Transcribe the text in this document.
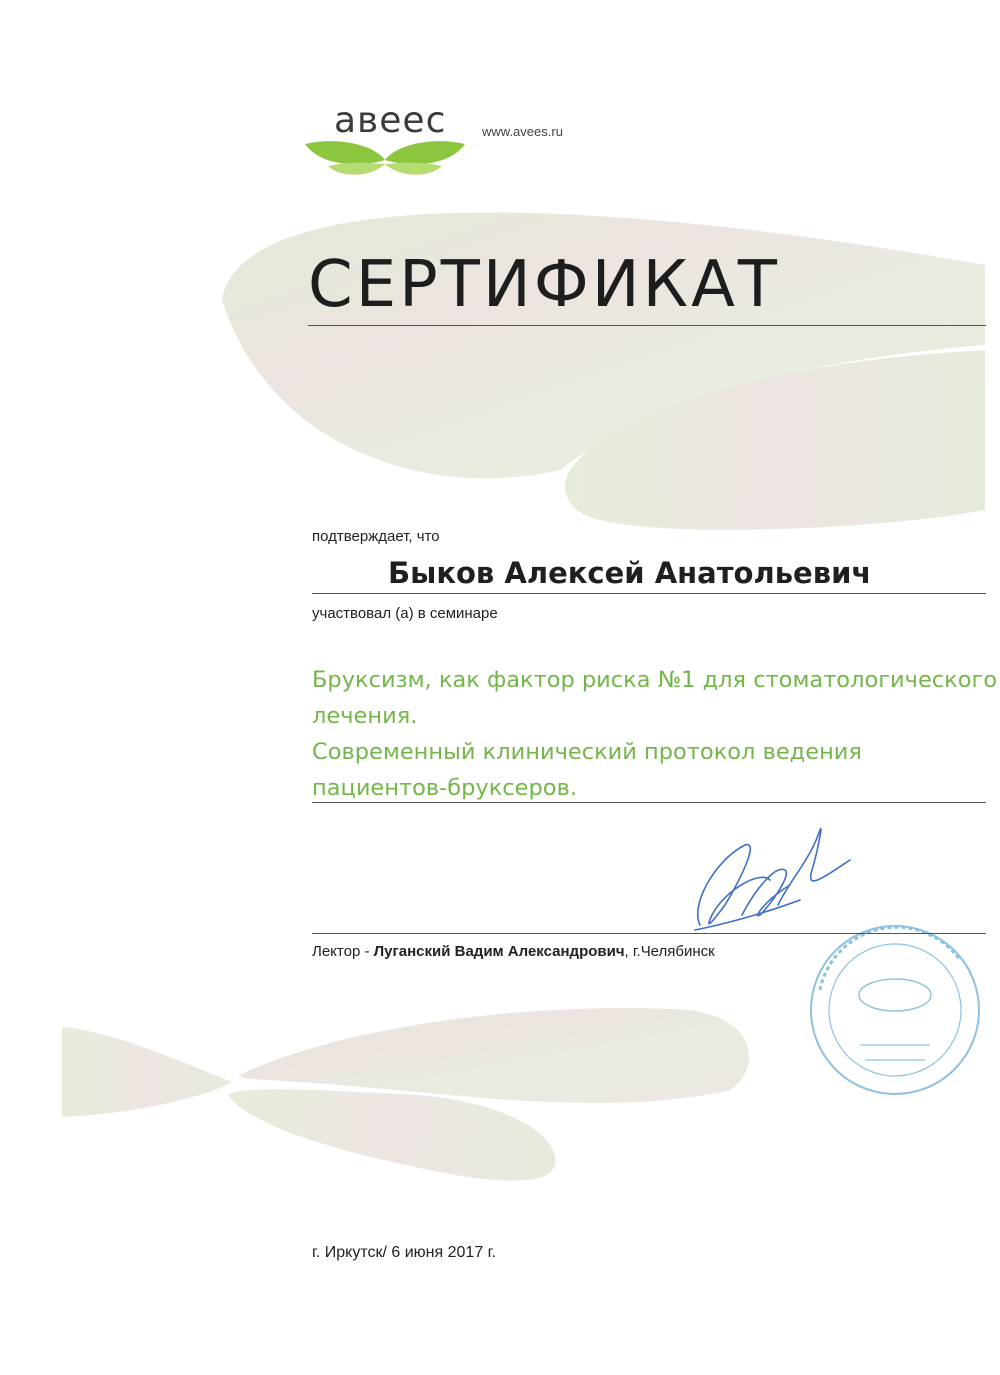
авеес	www.avees.ru
СЕРТИФИКАТ
подтверждает, что
Быков Алексей Анатольевич
участвовал (а) в семинаре
Бруксизм, как фактор риска №1 для стоматологического
лечения.
Современный клинический протокол ведения
пациентов-бруксеров.
Лектор - Луганский Вадим Александрович, г.Челябинск
г. Иркутск/ 6 июня 2017 г.
